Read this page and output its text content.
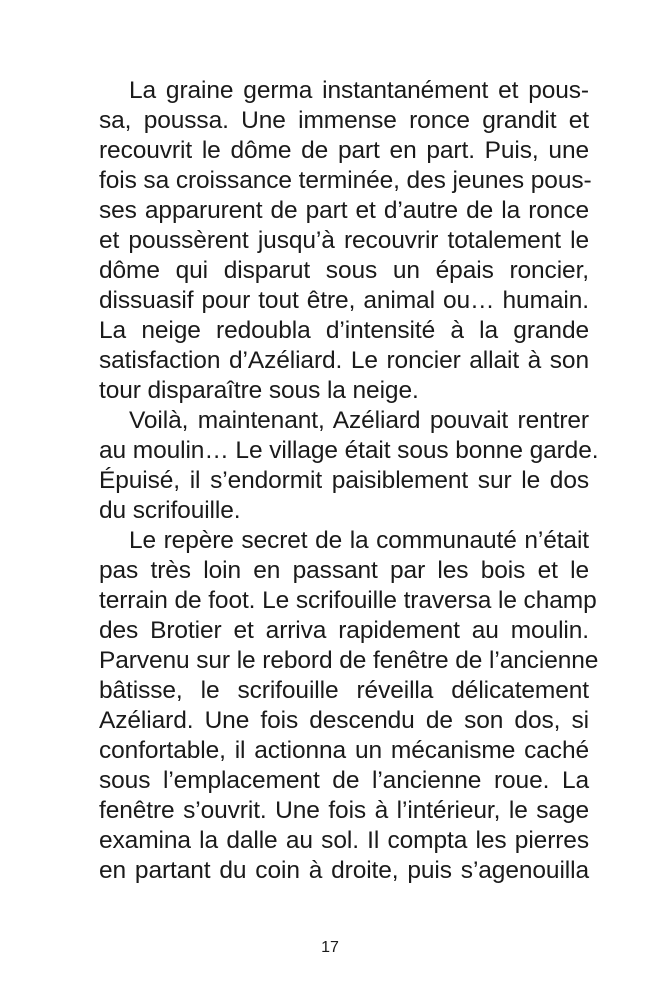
La graine germa instantanément et pous-
sa, poussa. Une immense ronce grandit et
recouvrit le dôme de part en part. Puis, une
fois sa croissance terminée, des jeunes pous-
ses apparurent de part et d’autre de la ronce
et poussèrent jusqu’à recouvrir totalement le
dôme qui disparut sous un épais roncier,
dissuasif pour tout être, animal ou… humain.
La neige redoubla d’intensité à la grande
satisfaction d’Azéliard. Le roncier allait à son
tour disparaître sous la neige.
Voilà, maintenant, Azéliard pouvait rentrer
au moulin… Le village était sous bonne garde.
Épuisé, il s’endormit paisiblement sur le dos
du scrifouille.
Le repère secret de la communauté n’était
pas très loin en passant par les bois et le
terrain de foot. Le scrifouille traversa le champ
des Brotier et arriva rapidement au moulin.
Parvenu sur le rebord de fenêtre de l’ancienne
bâtisse, le scrifouille réveilla délicatement
Azéliard. Une fois descendu de son dos, si
confortable, il actionna un mécanisme caché
sous l’emplacement de l’ancienne roue. La
fenêtre s’ouvrit. Une fois à l’intérieur, le sage
examina la dalle au sol. Il compta les pierres
en partant du coin à droite, puis s’agenouilla
17
